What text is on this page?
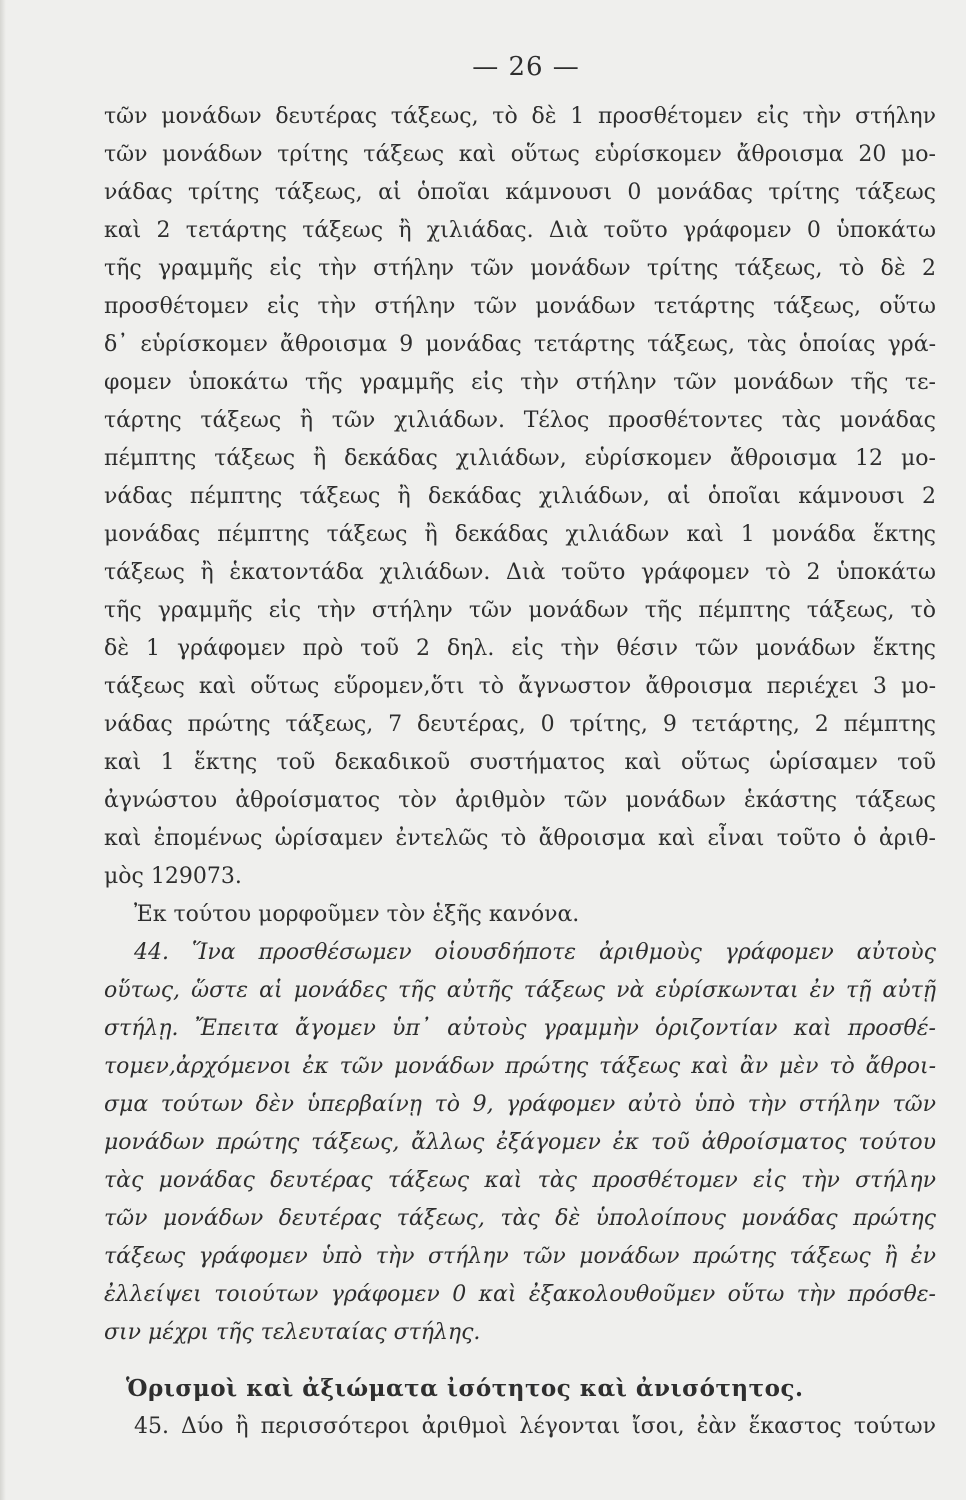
— 26 —
τῶν μονάδων δευτέρας τάξεως, τὸ δὲ 1 προσθέτομεν εἰς τὴν στήλην
τῶν μονάδων τρίτης τάξεως καὶ οὕτως εὑρίσκομεν ἄθροισμα 20 μο-
νάδας τρίτης τάξεως, αἱ ὁποῖαι κάμνουσι 0 μονάδας τρίτης τάξεως
καὶ 2 τετάρτης τάξεως ἢ χιλιάδας. Διὰ τοῦτο γράφομεν 0 ὑποκάτω
τῆς γραμμῆς εἰς τὴν στήλην τῶν μονάδων τρίτης τάξεως, τὸ δὲ 2
προσθέτομεν εἰς τὴν στήλην τῶν μονάδων τετάρτης τάξεως, οὕτω
δ᾽ εὑρίσκομεν ἄθροισμα 9 μονάδας τετάρτης τάξεως, τὰς ὁποίας γρά-
φομεν ὑποκάτω τῆς γραμμῆς εἰς τὴν στήλην τῶν μονάδων τῆς τε-
τάρτης τάξεως ἢ τῶν χιλιάδων. Τέλος προσθέτοντες τὰς μονάδας
πέμπτης τάξεως ἢ δεκάδας χιλιάδων, εὑρίσκομεν ἄθροισμα 12 μο-
νάδας πέμπτης τάξεως ἢ δεκάδας χιλιάδων, αἱ ὁποῖαι κάμνουσι 2
μονάδας πέμπτης τάξεως ἢ δεκάδας χιλιάδων καὶ 1 μονάδα ἕκτης
τάξεως ἢ ἑκατοντάδα χιλιάδων. Διὰ τοῦτο γράφομεν τὸ 2 ὑποκάτω
τῆς γραμμῆς εἰς τὴν στήλην τῶν μονάδων τῆς πέμπτης τάξεως, τὸ
δὲ 1 γράφομεν πρὸ τοῦ 2 δηλ. εἰς τὴν θέσιν τῶν μονάδων ἕκτης
τάξεως καὶ οὕτως εὕρομεν,ὅτι τὸ ἄγνωστον ἄθροισμα περιέχει 3 μο-
νάδας πρώτης τάξεως, 7 δευτέρας, 0 τρίτης, 9 τετάρτης, 2 πέμπτης
καὶ 1 ἕκτης τοῦ δεκαδικοῦ συστήματος καὶ οὕτως ὡρίσαμεν τοῦ
ἀγνώστου ἀθροίσματος τὸν ἀριθμὸν τῶν μονάδων ἑκάστης τάξεως
καὶ ἐπομένως ὡρίσαμεν ἐντελῶς τὸ ἄθροισμα καὶ εἶναι τοῦτο ὁ ἀριθ-
μὸς 129073.
Ἐκ τούτου μορφοῦμεν τὸν ἑξῆς κανόνα.
44. Ἵνα προσθέσωμεν οἱουσδήποτε ἀριθμοὺς γράφομεν αὐτοὺς
οὕτως, ὥστε αἱ μονάδες τῆς αὐτῆς τάξεως νὰ εὑρίσκωνται ἐν τῇ αὐτῇ
στήλῃ. Ἔπειτα ἄγομεν ὑπ᾽ αὐτοὺς γραμμὴν ὁριζοντίαν καὶ προσθέ-
τομεν,ἀρχόμενοι ἐκ τῶν μονάδων πρώτης τάξεως καὶ ἂν μὲν τὸ ἄθροι-
σμα τούτων δὲν ὑπερβαίνῃ τὸ 9, γράφομεν αὐτὸ ὑπὸ τὴν στήλην τῶν
μονάδων πρώτης τάξεως, ἄλλως ἐξάγομεν ἐκ τοῦ ἀθροίσματος τούτου
τὰς μονάδας δευτέρας τάξεως καὶ τὰς προσθέτομεν εἰς τὴν στήλην
τῶν μονάδων δευτέρας τάξεως, τὰς δὲ ὑπολοίπους μονάδας πρώτης
τάξεως γράφομεν ὑπὸ τὴν στήλην τῶν μονάδων πρώτης τάξεως ἢ ἐν
ἐλλείψει τοιούτων γράφομεν 0 καὶ ἐξακολουθοῦμεν οὕτω τὴν πρόσθε-
σιν μέχρι τῆς τελευταίας στήλης.
Ὁρισμοὶ καὶ ἀξιώματα ἰσότητος καὶ ἀνισότητος.
45. Δύο ἢ περισσότεροι ἀριθμοὶ λέγονται ἴσοι, ἐὰν ἕκαστος τούτων
